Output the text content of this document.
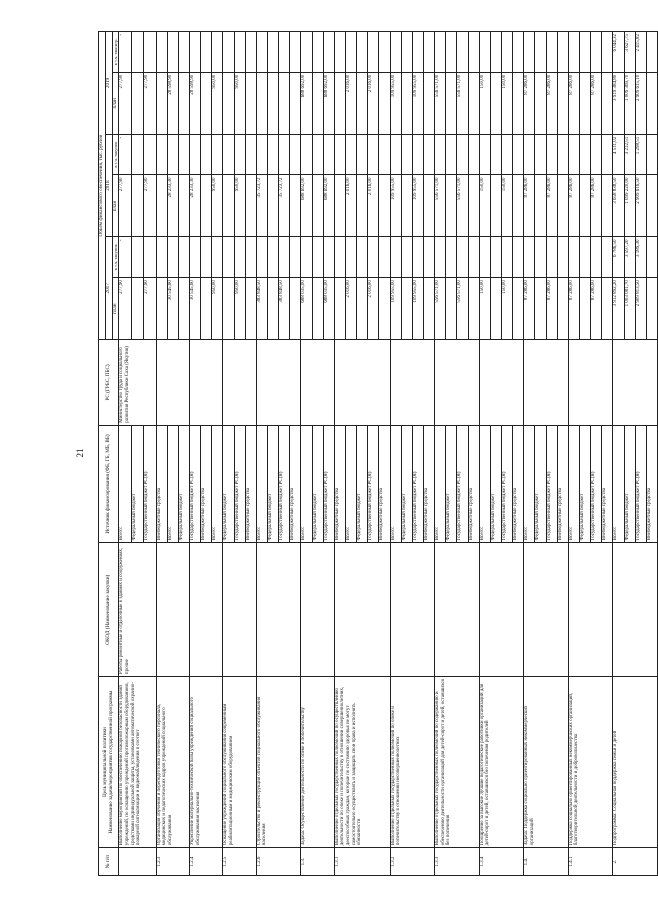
21
№ п/п	Цель муниципальной политики
Наименование задачи/мероприятия государственной программы	ОКОД (Наименование закупки)	Источник финансирования (ФБ, ГБ, МБ, ВБ)	РС (ГРБС, ПБС)	Объем финансового обеспечения, тыс. рублей					
					2017		2018		2019	
					план	в т.ч. закупок	план	в т.ч. закупок	план	в т.ч. законтр.
	Выполнение мероприятий по обеспечению пожарной безопасности зданий учреждений, по оснащению учреждений противопожарным оборудованием, средствами индивидуальной защиты, установками автоматической охранно-пожарной сигнализации и видеонаблюдения в соответ	Работы ремонтные и отделочные в зданиях и сооружениях, прочие	Всего:	Министерство труда и социального развития Республики Саха (Якутия)	277,90	-	277,90	-	277,90	-
			Федеральный бюджет							
			Государственный бюджет РС(Я)		277,90		277,90		277,90	
1.2.3	Организация обучения и переподготовки технического персонала, медицинских и педагогических кадров учреждений социального обслуживания		Внебюджетные средства							
			Всего:		30 545,60		28 233,30		28 598,90	
			Федеральный бюджет							
1.2.4	Укрепление материально-технической базы учреждений социального обслуживания населения		Государственный бюджет РС(Я)		30 545,60		28 233,30		28 598,90	
			Внебюджетные средства							
			Всего:		950,00		950,00		950,00	
1.2.5	Оснащение учреждений социального обслуживания современным реабилитационным и медицинским оборудованием		Федеральный бюджет							
			Государственный бюджет РС(Я)		950,00		950,00		950,00	
			Внебюджетные средства							
1.2.6	Строительство и реконструкция объектов социального обслуживания населения		Всего:		383 848,50		35 723,72			
			Федеральный бюджет							
			Государственный бюджет РС(Я)		383 848,50		35 723,72			
			Внебюджетные средства							
1.3.	Задача: Осуществление деятельности по опеке и попечительству		Всего:		688 035,00		688 692,00		688 692,00	
			Федеральный бюджет							
			Государственный бюджет РС(Я)		688 035,00		688 692,00		688 692,00	
1.3.1	Выполнение отдельных государственных полномочий по осуществлению деятельности по опеке и попечительству в отношении совершеннолетних, дееспособных граждан, которые по состоянию здоровья не могут самостоятельно осуществлять и защищать свои права и исполнять обязанности		Внебюджетные средства							
			Всего:		2 016,00		2 016,00		2 016,00	
			Федеральный бюджет							
			Государственный бюджет РС(Я)		2 016,00		2 016,00		2 016,00	
			Внебюджетные средства							
1.3.2	Выполнение отдельных государственных полномочий по опеке и попечительству в отношении несовершеннолетних		Всего:		109 955,00		109 955,00		109 955,00	
			Федеральный бюджет							
			Государственный бюджет РС(Я)		109 955,00		109 955,00		109 955,00	
			Внебюджетные средства							
1.3.3	Выполнение отдельных государственных полномочий по содержанию и обеспечению деятельности организаций для детей-сирот и детей, оставшихся без попечения		Всего:		556 571,00		556 571,00		556 571,00	
			Федеральный бюджет							
			Государственный бюджет РС(Я)		556 571,00		556 571,00		556 571,00	
			Внебюджетные средства							
1.3.4	Поощрение за высокие лучшие педагогические работники организаций для детей-сирот и детей, оставшихся без попечения родителей		Всего:		150,00		150,00		150,00	
			Федеральный бюджет							
			Государственный бюджет РС(Я)		150,00		150,00		150,00	
			Внебюджетные средства							
1.4.	Задача: Поддержка социально ориентированных некоммерческих организаций		Всего:		87 286,00		87 286,00		87 286,00	
			Федеральный бюджет							
			Государственный бюджет РС(Я)		87 286,00		87 286,00		87 286,00	
			Внебюджетные средства							
1.4.1	Поддержка социально ориентированных некоммерческих организаций, благотворительной деятельности и добровольчества		Всего:		87 286,00		87 286,00		87 286,00	
			Федеральный бюджет							
			Государственный бюджет РС(Я)		87 286,00		87 286,00		87 286,00	
			Внебюджетные средства							
2.	Подпрограмма: Социальная поддержка семьи и детей		Всего:		3 912 892,20	6 786,50	3 658 838,50	4 511,02	3 919 384,80	6 044,32
			Федеральный бюджет		1 003 081,70	3 597,20	1 099 220,00	3 212,51	1 009 369,70	3 627,75
			Государственный бюджет РС(Я)		2 909 813,50	3 189,30	2 909 616,50	1 298,51	2 909 615,10	2 415,82
			Внебюджетные средства							
